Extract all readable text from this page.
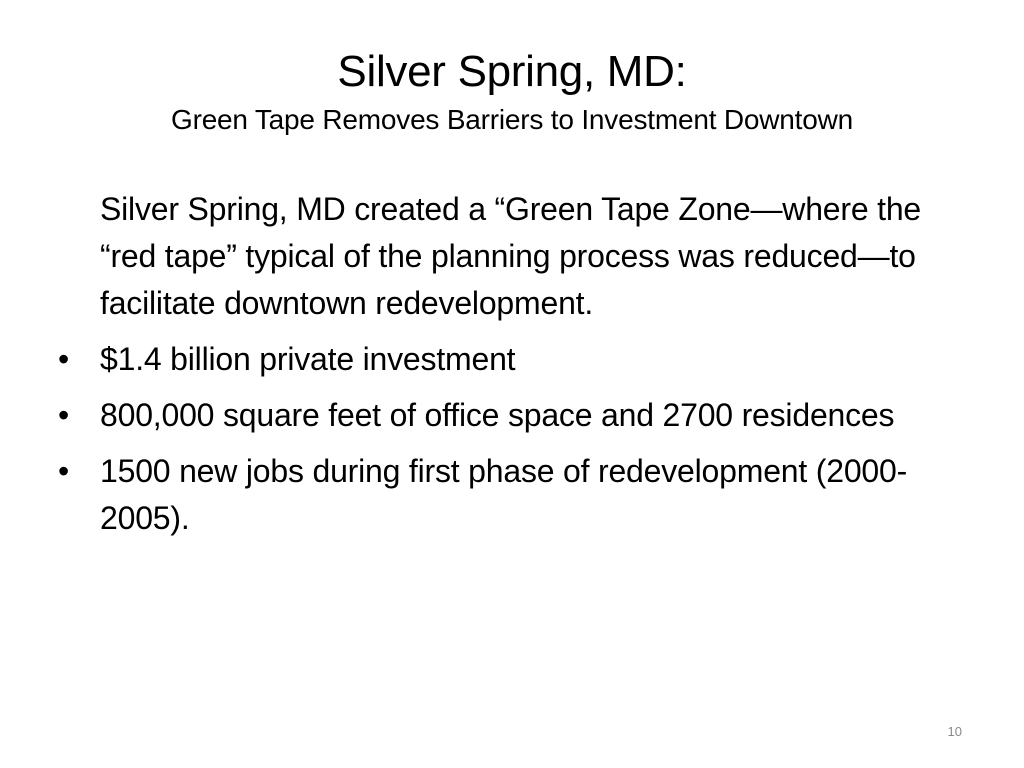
Silver Spring, MD:
Green Tape Removes Barriers to Investment Downtown
Silver Spring, MD created a “Green Tape Zone—where the “red tape” typical of the planning process was reduced—to facilitate downtown redevelopment.
• $1.4 billion private investment
• 800,000 square feet of office space and 2700 residences
• 1500 new jobs during first phase of redevelopment (2000-2005).
10
